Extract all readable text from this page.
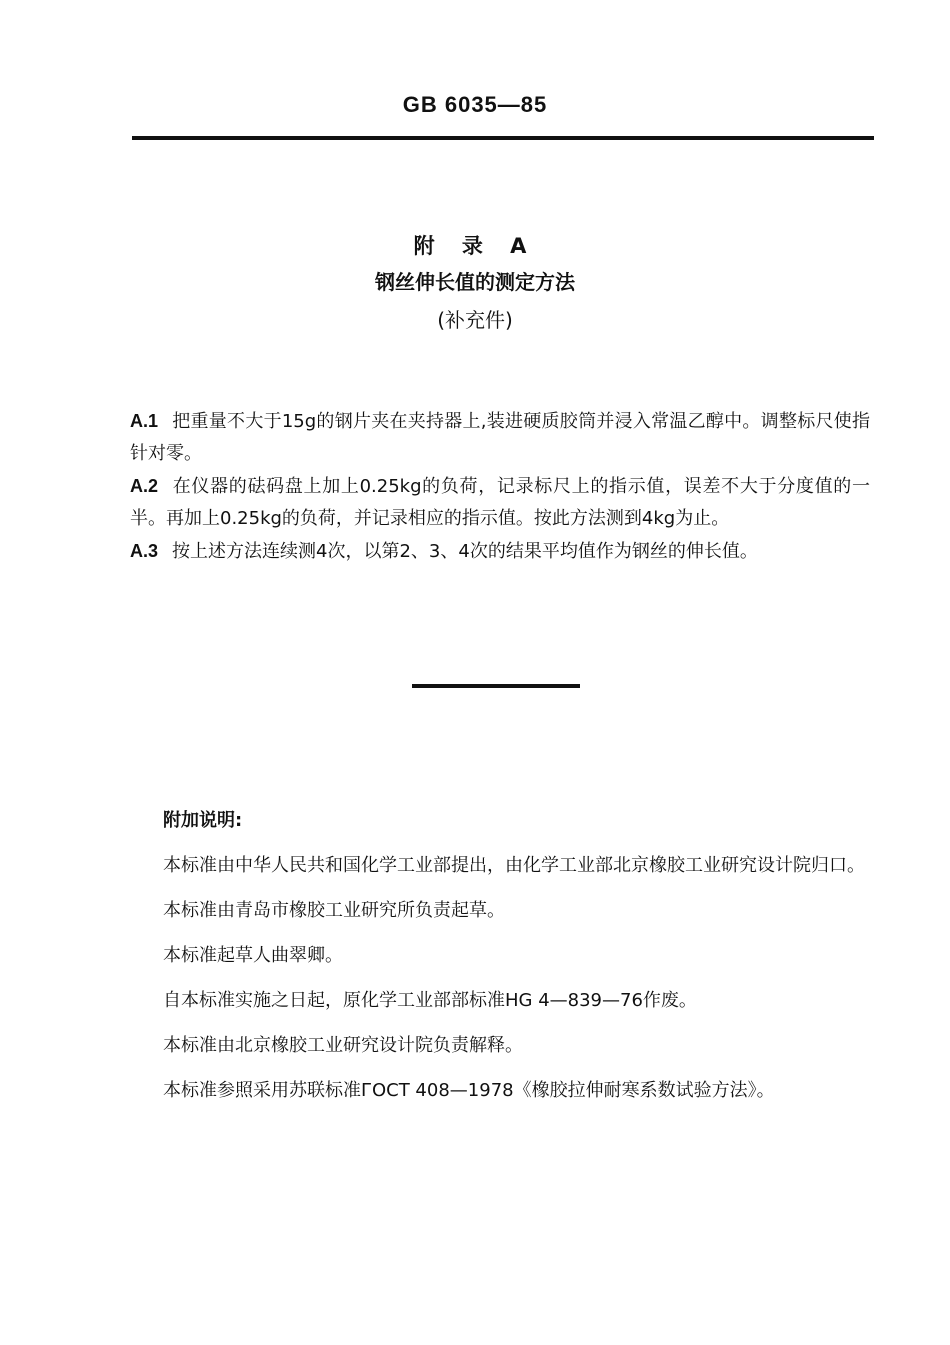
GB 6035—85
附 录 A
钢丝伸长值的测定方法
(补充件)

A.1 把重量不大于15g的钢片夹在夹持器上,装进硬质胶筒并浸入常温乙醇中。调整标尺使指针对零。

A.2 在仪器的砝码盘上加上0.25kg的负荷，记录标尺上的指示值，误差不大于分度值的一半。再加上0.25kg的负荷，并记录相应的指示值。按此方法测到4kg为止。

A.3 按上述方法连续测4次，以第2、3、4次的结果平均值作为钢丝的伸长值。

附加说明:
本标准由中华人民共和国化学工业部提出，由化学工业部北京橡胶工业研究设计院归口。
本标准由青岛市橡胶工业研究所负责起草。
本标准起草人曲翠卿。
自本标准实施之日起，原化学工业部部标准HG 4—839—76作废。
本标准由北京橡胶工业研究设计院负责解释。
本标准参照采用苏联标准ГОСТ 408—1978《橡胶拉伸耐寒系数试验方法》。
